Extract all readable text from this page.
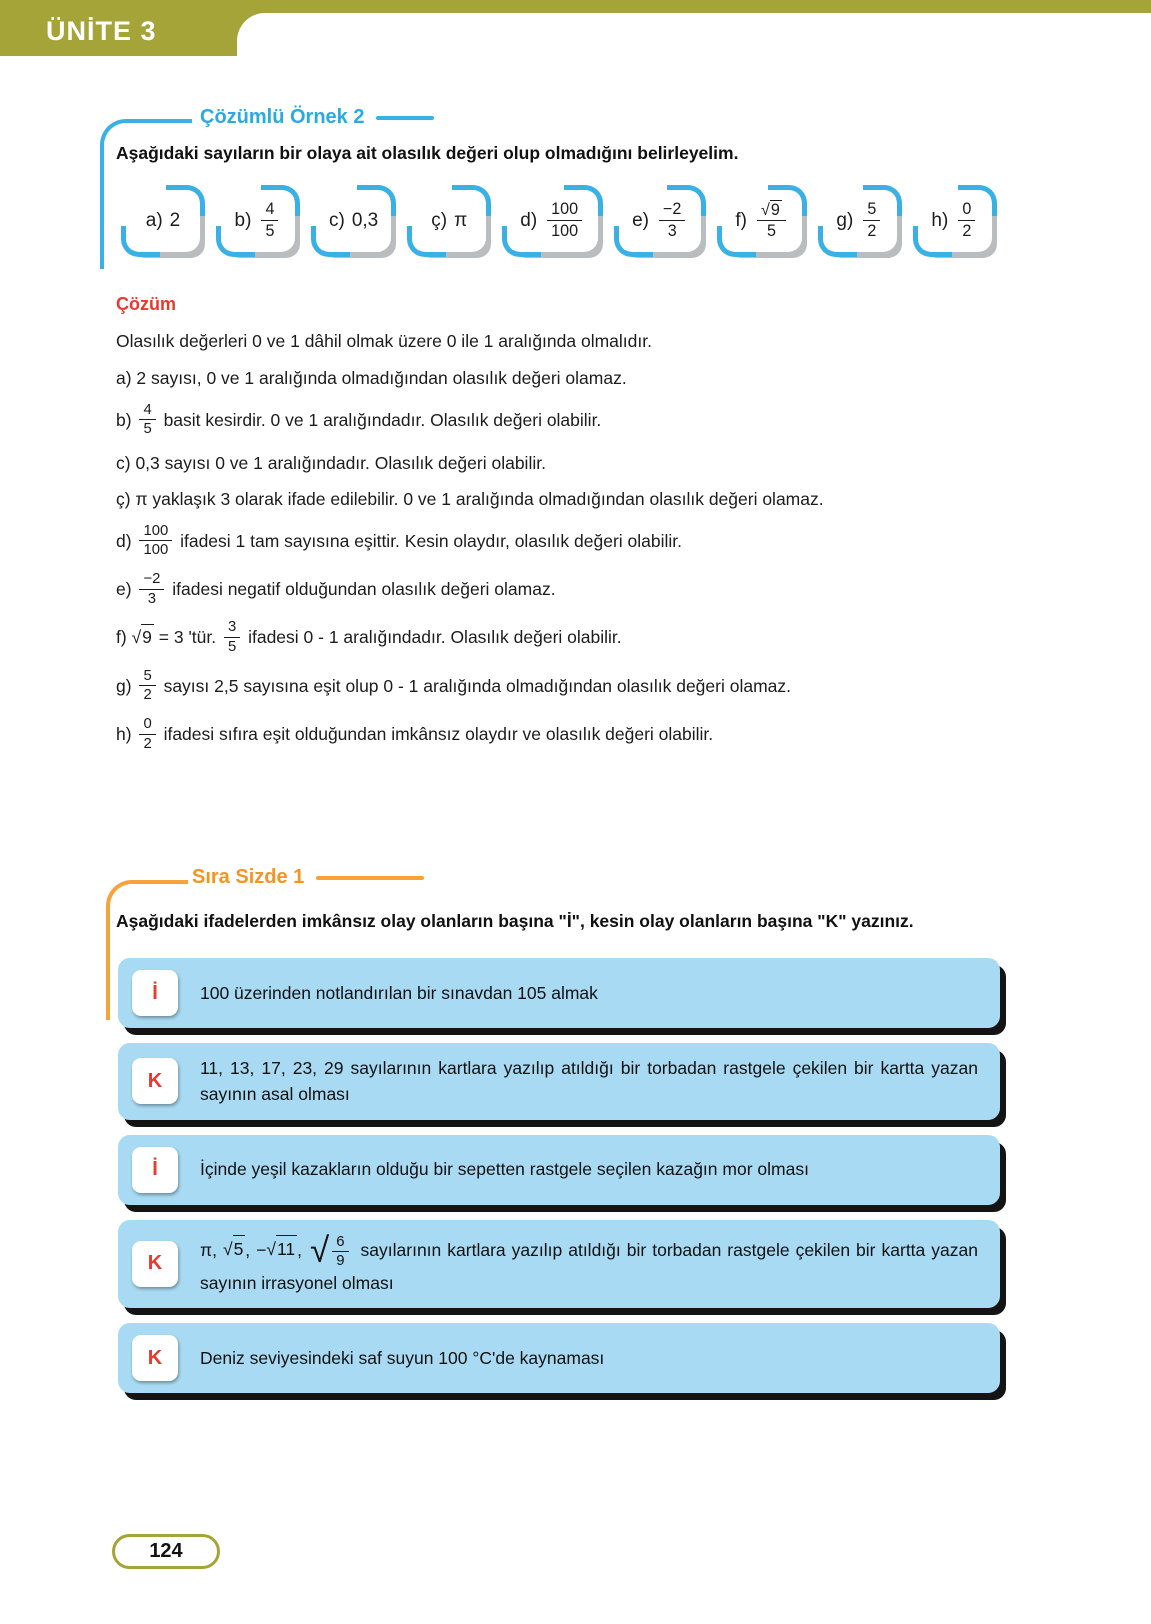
ÜNİTE 3
Çözümlü Örnek 2

Aşağıdaki sayıların bir olaya ait olasılık değeri olup olmadığını belirleyelim.

a) 2	$b) \frac{4}{5}$	c) 0,3	ç) π	$d) \frac{100}{100}$	$e) \frac{-2}{3}$	$f) \frac{√9}{5}$	$g) \frac{5}{2}$	$h) \frac{0}{2}$
Çözüm

Olasılık değerleri 0 ve 1 dâhil olmak üzere 0 ile 1 aralığında olmalıdır.

a) 2 sayısı, 0 ve 1 aralığında olmadığından olasılık değeri olamaz.

$b) \frac{4}{5}$ basit kesirdir. 0 ve 1 aralığındadır. Olasılık değeri olabilir.

c) 0,3 sayısı 0 ve 1 aralığındadır. Olasılık değeri olabilir.

ç) π yaklaşık 3 olarak ifade edilebilir. 0 ve 1 aralığında olmadığından olasılık değeri olamaz.

$d) \frac{100}{100}$ ifadesi 1 tam sayısına eşittir. Kesin olaydır, olasılık değeri olabilir.

$e) \frac{-2}{3}$ ifadesi negatif olduğundan olasılık değeri olamaz.

f) √9 = 3 'tür. $\frac{3}{5}$ ifadesi 0 - 1 aralığındadır. Olasılık değeri olabilir.

$g) \frac{5}{2}$ sayısı 2,5 sayısına eşit olup 0 - 1 aralığında olmadığından olasılık değeri olamaz.

$h) \frac{0}{2}$ ifadesi sıfıra eşit olduğundan imkânsız olaydır ve olasılık değeri olabilir.

Sıra Sizde 1

Aşağıdaki ifadelerden imkânsız olay olanların başına "İ", kesin olay olanların başına "K" yazınız.

İ	100 üzerinden notlandırılan bir sınavdan 105 almak
K
11, 13, 17, 23, 29 sayılarının kartlara yazılıp atıldığı bir torbadan rastgele çekilen bir kartta yazan sayının asal olması
İ	İçinde yeşil kazakların olduğu bir sepetten rastgele seçilen kazağın mor olması
K
π, √5 , −√11 , √ $\frac{6}{9}$ sayılarının kartlara yazılıp atıldığı bir torbadan rastgele çekilen bir kartta yazan sayının irrasyonel olması
K	Deniz seviyesindeki saf suyun 100 °C'de kaynaması
124
